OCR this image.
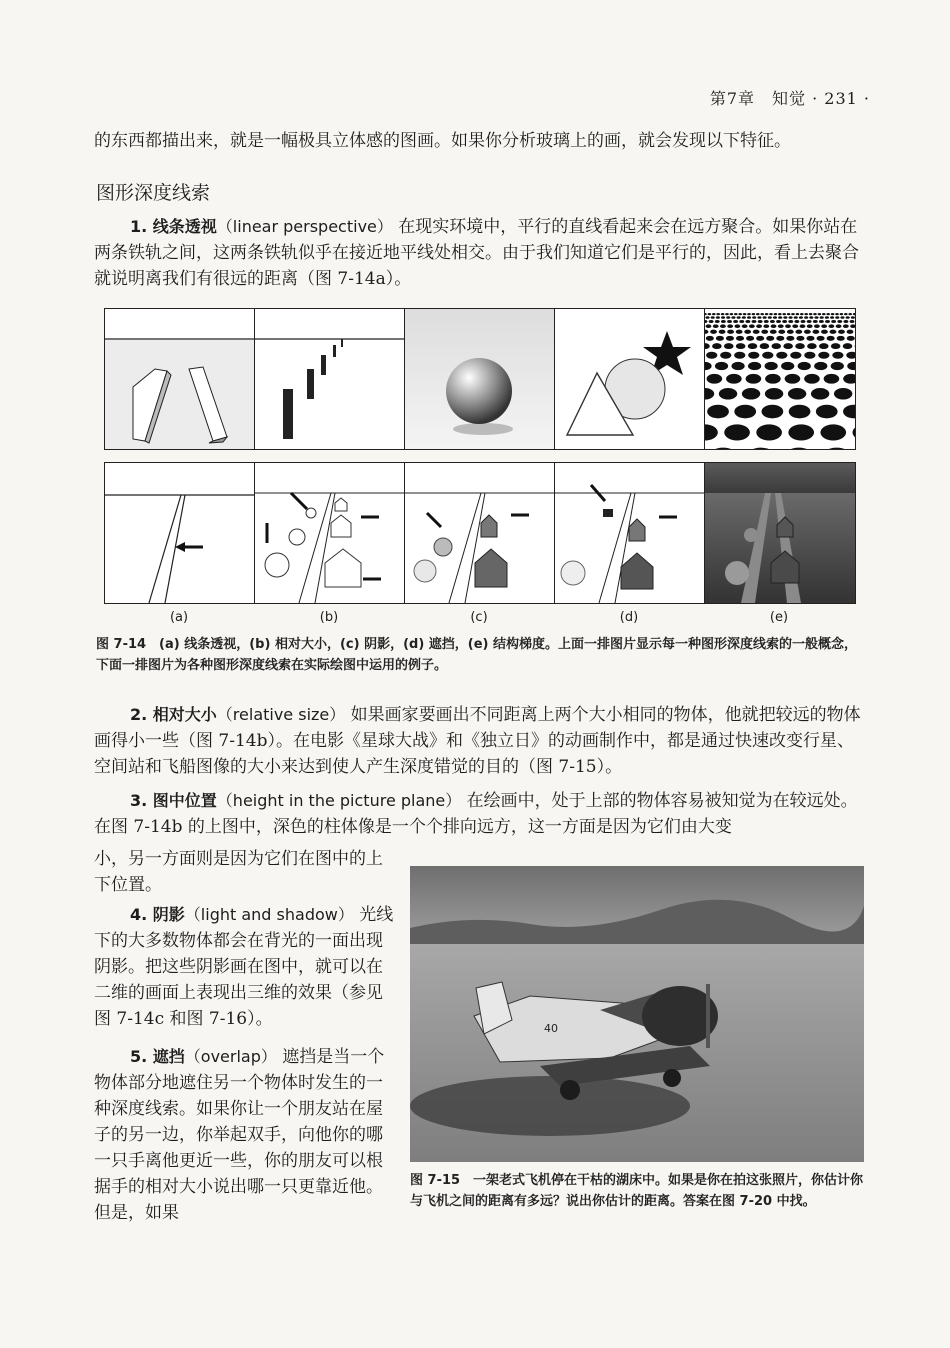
第7章　知觉 · 231 ·
的东西都描出来，就是一幅极具立体感的图画。如果你分析玻璃上的画，就会发现以下特征。
图形深度线索
1. 线条透视（linear perspective） 在现实环境中，平行的直线看起来会在远方聚合。如果你站在两条铁轨之间，这两条铁轨似乎在接近地平线处相交。由于我们知道它们是平行的，因此，看上去聚合就说明离我们有很远的距离（图 7-14a）。
(a)	(b)	(c)	(d)	(e)
图 7-14　(a) 线条透视，(b) 相对大小，(c) 阴影，(d) 遮挡，(e) 结构梯度。上面一排图片显示每一种图形深度线索的一般概念，下面一排图片为各种图形深度线索在实际绘图中运用的例子。
2. 相对大小（relative size） 如果画家要画出不同距离上两个大小相同的物体，他就把较远的物体画得小一些（图 7-14b）。在电影《星球大战》和《独立日》的动画制作中，都是通过快速改变行星、空间站和飞船图像的大小来达到使人产生深度错觉的目的（图 7-15）。
3. 图中位置（height in the picture plane） 在绘画中，处于上部的物体容易被知觉为在较远处。在图 7-14b 的上图中，深色的柱体像是一个个排向远方，这一方面是因为它们由大变
小，另一方面则是因为它们在图中的上下位置。
4. 阴影（light and shadow） 光线下的大多数物体都会在背光的一面出现阴影。把这些阴影画在图中，就可以在二维的画面上表现出三维的效果（参见图 7-14c 和图 7-16）。
5. 遮挡（overlap） 遮挡是当一个物体部分地遮住另一个物体时发生的一种深度线索。如果你让一个朋友站在屋子的另一边，你举起双手，向他你的哪一只手离他更近一些，你的朋友可以根据手的相对大小说出哪一只更靠近他。但是，如果
40
图 7-15　一架老式飞机停在干枯的湖床中。如果是你在拍这张照片，你估计你与飞机之间的距离有多远？说出你估计的距离。答案在图 7-20 中找。
